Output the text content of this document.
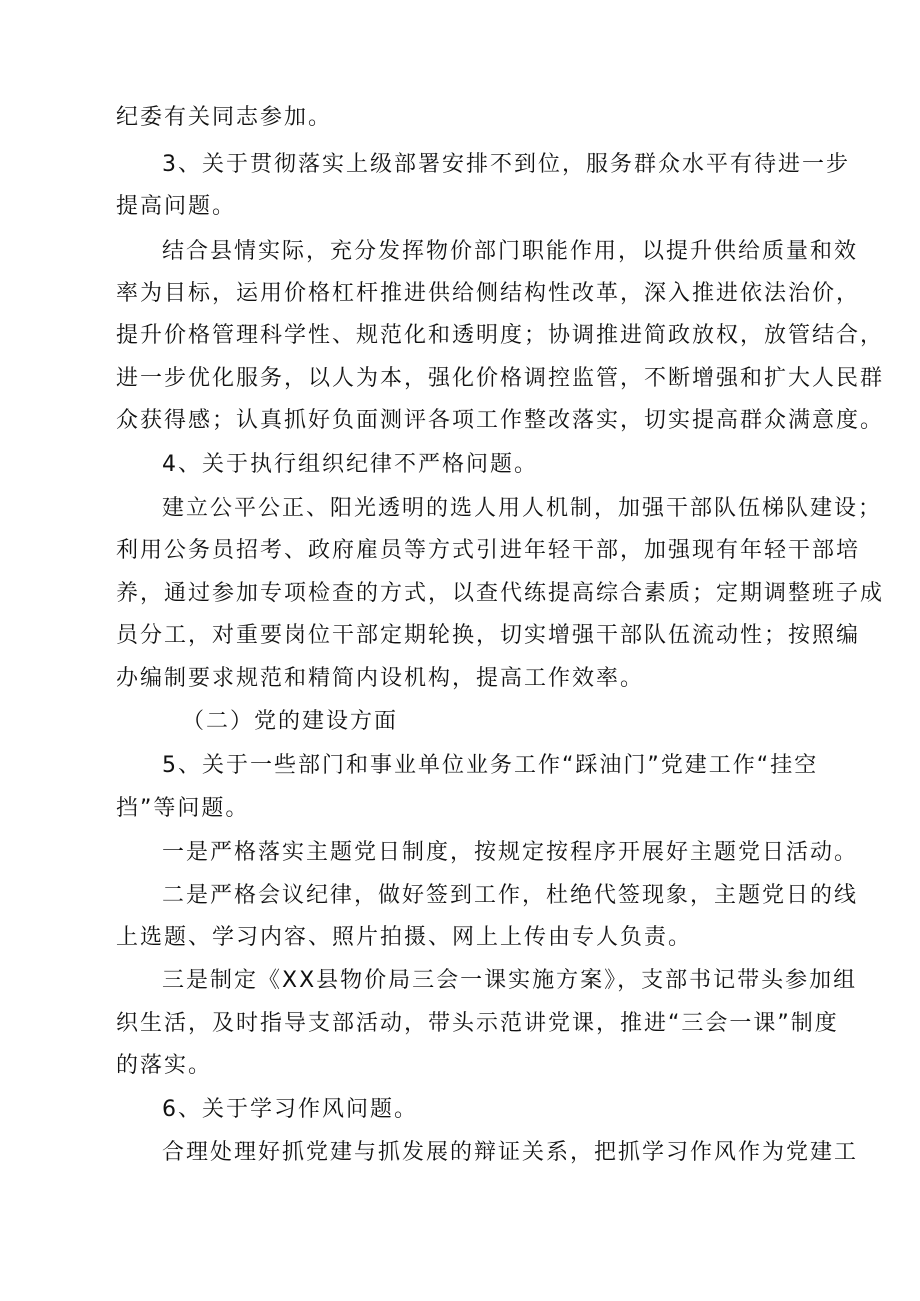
纪委有关同志参加。
3、关于贯彻落实上级部署安排不到位，服务群众水平有待进一步
提高问题。
结合县情实际，充分发挥物价部门职能作用，以提升供给质量和效
率为目标，运用价格杠杆推进供给侧结构性改革，深入推进依法治价，
提升价格管理科学性、规范化和透明度；协调推进简政放权，放管结合，
进一步优化服务，以人为本，强化价格调控监管，不断增强和扩大人民群
众获得感；认真抓好负面测评各项工作整改落实，切实提高群众满意度。
4、关于执行组织纪律不严格问题。
建立公平公正、阳光透明的选人用人机制，加强干部队伍梯队建设；
利用公务员招考、政府雇员等方式引进年轻干部，加强现有年轻干部培
养，通过参加专项检查的方式，以查代练提高综合素质；定期调整班子成
员分工，对重要岗位干部定期轮换，切实增强干部队伍流动性；按照编
办编制要求规范和精简内设机构，提高工作效率。
（二）党的建设方面
5、关于一些部门和事业单位业务工作“踩油门”党建工作“挂空
挡”等问题。
一是严格落实主题党日制度，按规定按程序开展好主题党日活动。
二是严格会议纪律，做好签到工作，杜绝代签现象，主题党日的线
上选题、学习内容、照片拍摄、网上上传由专人负责。
三是制定《XX县物价局三会一课实施方案》，支部书记带头参加组
织生活，及时指导支部活动，带头示范讲党课，推进“三会一课”制度
的落实。
6、关于学习作风问题。
合理处理好抓党建与抓发展的辩证关系，把抓学习作风作为党建工
